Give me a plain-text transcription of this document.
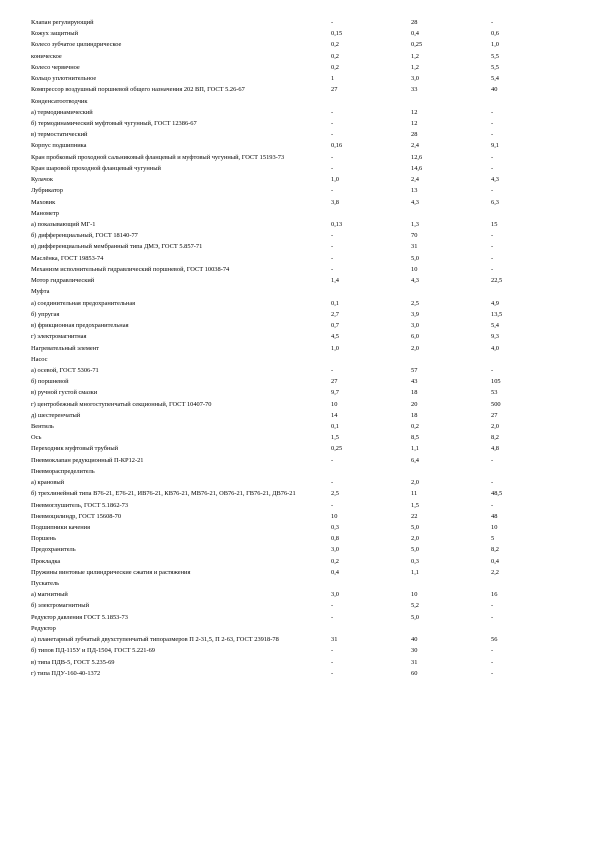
Клапан регулирующий	-	28	-
Кожух защитный	0,15	0,4	0,6
Колесо зубчатое цилиндрическое	0,2	0,25	1,0
коническое	0,2	1,2	5,5
Колесо червячное	0,2	1,2	5,5
Кольцо уплотнительное	1	3,0	5,4
Компрессор воздушный поршневой общего назначения 202 ВП, ГОСТ 5.26-67	27	33	40
Конденсатоотводчик			
а) термодинамический	-	12	-
б) термодинамический муфтовый чугунный, ГОСТ 12386-67	-	12	-
в) термостатический	-	28	-
Корпус подшипника	0,16	2,4	9,1
Кран пробковый проходной сальниковый фланцевый и муфтовый чугунный, ГОСТ 15193-73	-	12,6	-
Кран шаровой проходной фланцевый чугунный	-	14,6	-
Кулачок	1,0	2,4	4,3
Лубрикатор	-	13	-
Маховик	3,8	4,3	6,3
Манометр			
а) показывающий МГ-1	0,13	1,3	15
б) дифференциальный, ГОСТ 18140-77	-	70	-
в) дифференциальный мембранный типа ДМЭ, ГОСТ 5.857-71	-	31	-
Маслёнка, ГОСТ 19853-74	-	5,0	-
Механизм исполнительный гидравлический поршневой, ГОСТ 10038-74	-	10	-
Мотор гидравлический	1,4	4,3	22,5
Муфта			
а) соединительная предохранительная	0,1	2,5	4,9
б) упругая	2,7	3,9	13,5
в) фрикционная предохранительная	0,7	3,0	5,4
г) электромагнитная	4,5	6,0	9,3
Нагревательный элемент	1,0	2,0	4,0
Насос			
а) осевой, ГОСТ 5306-71	-	57	-
б) поршневой	27	43	105
в) ручной густой смазки	9,7	18	53
г) центробежный многоступенчатый секционный, ГОСТ 10407-70	10	20	500
д) шестеренчатый	14	18	27
Вентиль	0,1	0,2	2,0
Ось	1,5	8,5	8,2
Переходник муфтовый трубный	0,25	1,1	4,8
Пневмоклапан редукционный П-КР12-21	-	6,4	-
Пневмораспределитель			
а) крановый	-	2,0	-
б) трехлинейный типа В76-21, Е76-21, ИВ76-21, КВ76-21, МВ76-21, ОВ76-21, ГВ76-21, ДВ76-21	2,5	11	48,5
Пневмоглушитель, ГОСТ 5.1862-73	-	1,5	-
Пневмоцилиндр, ГОСТ 15608-70	10	22	48
Подшипники качения	0,3	5,0	10
Поршень	0,8	2,0	5
Предохранитель	3,0	5,0	8,2
Прокладка	0,2	0,3	0,4
Пружины винтовые цилиндрические сжатия и растяжения	0,4	1,1	2,2
Пускатель			
а) магнитный	3,0	10	16
б) электромагнитный	-	5,2	-
Редуктор давления ГОСТ 5.1853-73	-	5,0	-
Редуктор			
а) планетарный зубчатый двухступенчатый типоразмеров П 2-31,5, П 2-63, ГОСТ 23918-78	31	40	56
б) типов ПД-115У и ПД-1504, ГОСТ 5.221-69	-	30	-
в) типа ПДВ-5, ГОСТ 5.235-69	-	31	-
г) типа ПДУ-160-40-1372	-	60	-
